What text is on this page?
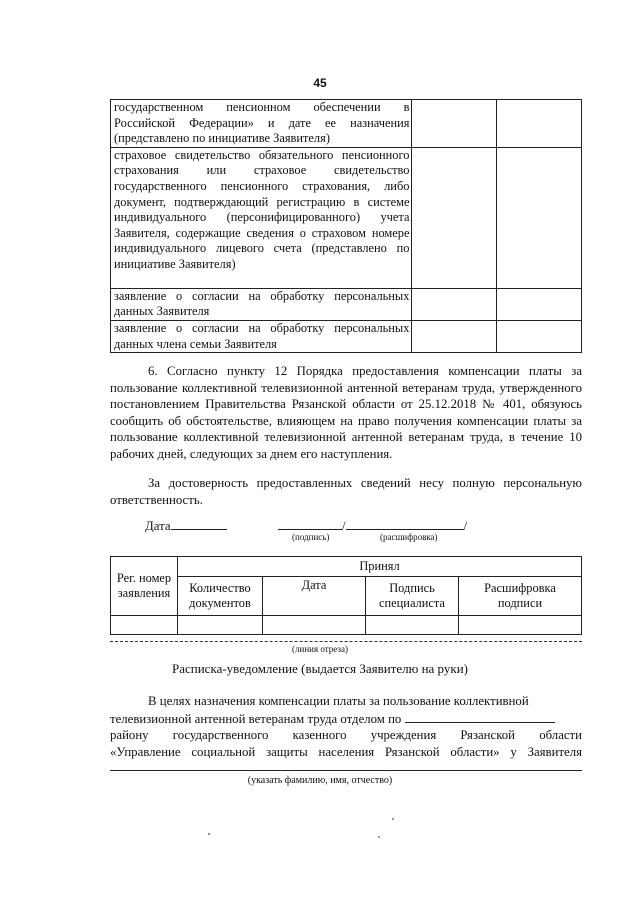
45
государственном пенсионном обеспечении в Российской Федерации» и дате ее назначения (представлено по инициативе Заявителя)		
страховое свидетельство обязательного пенсионного страхования или страховое свидетельство государственного пенсионного страхования, либо документ, подтверждающий регистрацию в системе индивидуального (персонифицированного) учета Заявителя, содержащие сведения о страховом номере индивидуального лицевого счета (представлено по инициативе Заявителя)		
заявление о согласии на обработку персональных данных Заявителя		
заявление о согласии на обработку персональных данных члена семьи Заявителя		
6. Согласно пункту 12 Порядка предоставления компенсации платы за пользование коллективной телевизионной антенной ветеранам труда, утвержденного постановлением Правительства Рязанской области от 25.12.2018 № 401, обязуюсь сообщить об обстоятельстве, влияющем на право получения компенсации платы за пользование коллективной телевизионной антенной ветеранам труда, в течение 10 рабочих дней, следующих за днем его наступления.
За достоверность предоставленных сведений несу полную персональную ответственность.
Дата	/	/
(подпись)	(расшифровка)
Рег. номер заявления	Принял			
	Количество документов	Дата	Подпись специалиста	Расшифровка подписи

(линия отреза)
Расписка-уведомление (выдается Заявителю на руки)
В целях назначения компенсации платы за пользование коллективной
телевизионной антенной ветеранам труда отделом по
району государственного казенного учреждения Рязанской области
«Управление социальной защиты населения Рязанской области» у Заявителя
(указать фамилию, имя, отчество)
